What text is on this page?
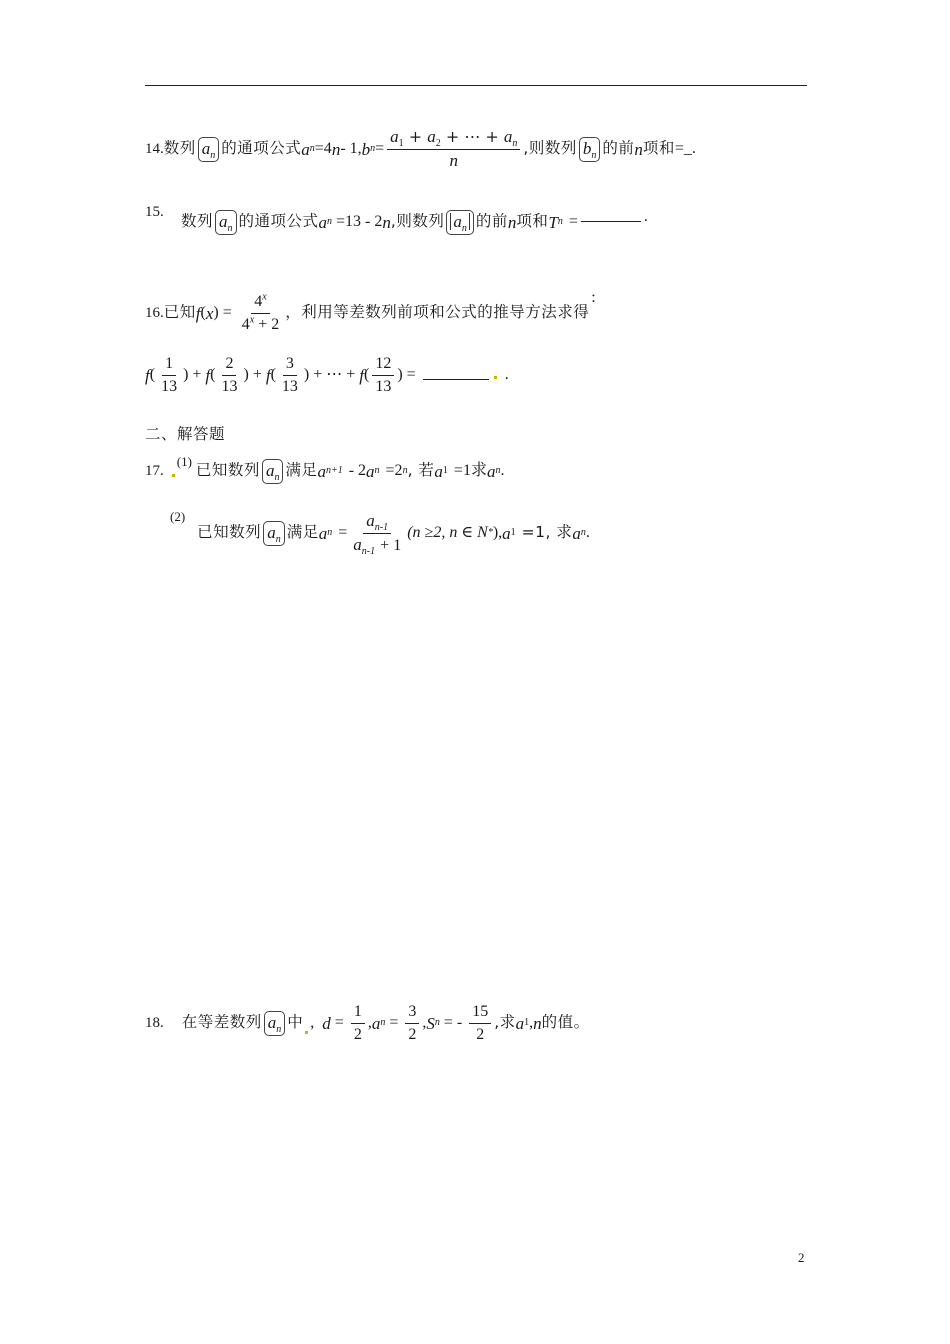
14. 数列 $a_n$ 的通项公式 a n =4 n - 1, b $n = \frac{a_1 + a_2 + \cdots + a_n}{n}$ ,则数列 $b_n$ 的前 n 项和 =_.
15.
数列 $a_n$ 的通项公式 a n =13 - 2 n ,则数列 $a_n$ 的前 n 项和 T n =	.
16. 已知 f ( x ) = $\frac{4^x}{4^x + 2}$ ，利用等差数列前项和公式的推导方法求得
:
f ( $\frac{1}{13}$ ) + f ( $\frac{2}{13}$ ) + f ( $\frac{3}{13}$ ) + ⋯ + f ( $\frac{12}{13}$ ) =	.
二、解答题
17.
(1) 已知数列 $a_n$ 满足 a n+1 - 2 a n =2 n , 若 a 1 =1求 a n .
(2)
已知数列 $a_n$ 满足 a $n = \frac{a_{n-1}}{a_{n-1} + 1} (n \ge 2$, n ∈ N * ), a 1 =1, 求 a n .
18. 在等差数列 $a_n$ 中 , $d = \frac{1}{2}$ , a $n = \frac{3}{2}$ , S n = - $\frac{15}{2}$ ,求 a 1 , n 的值。
2
